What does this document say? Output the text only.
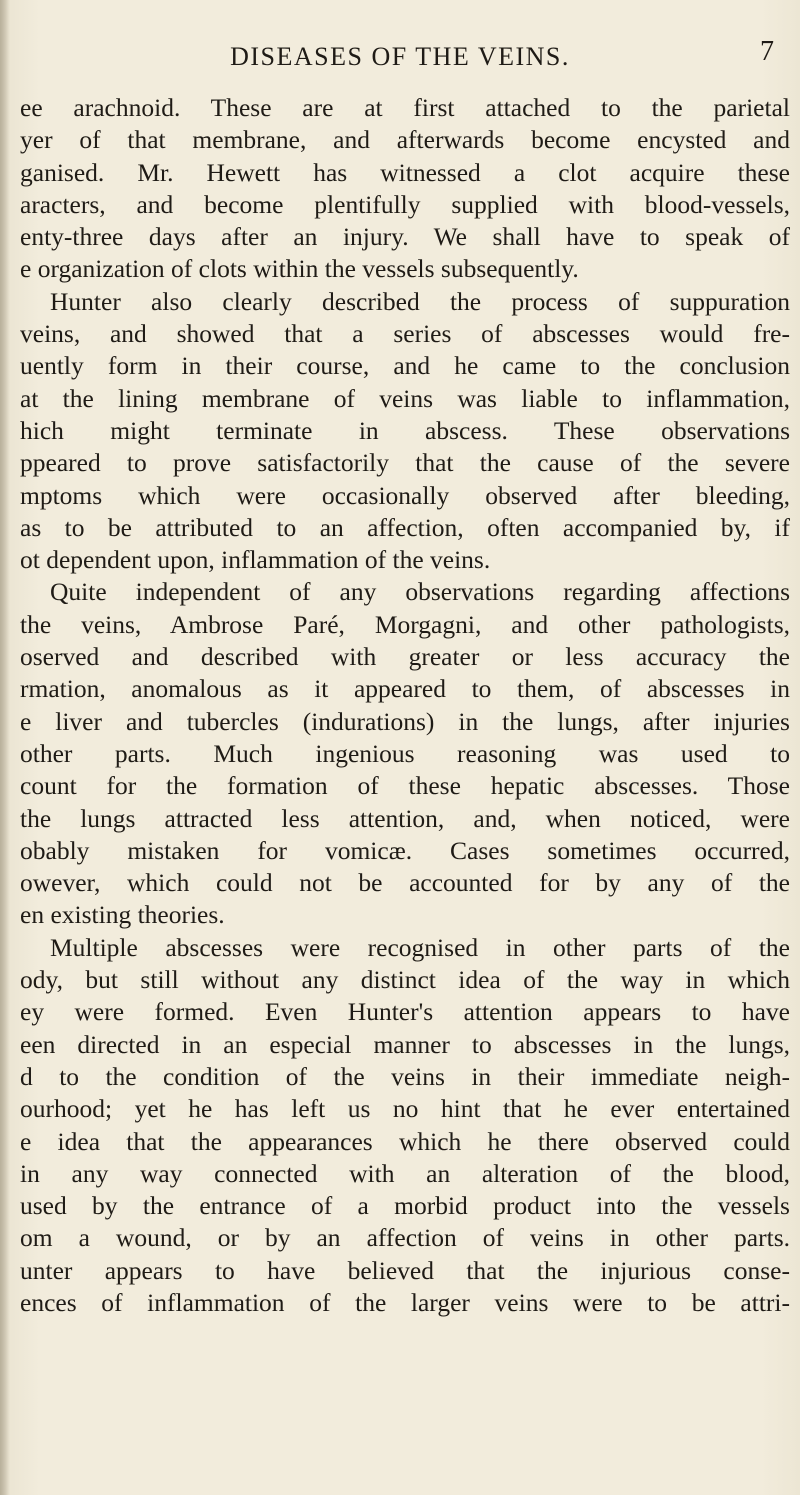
DISEASES OF THE VEINS.	7
ee arachnoid. These are at first attached to the parietal
yer of that membrane, and afterwards become encysted and
ganised. Mr. Hewett has witnessed a clot acquire these
aracters, and become plentifully supplied with blood-vessels,
enty-three days after an injury. We shall have to speak of
e organization of clots within the vessels subsequently.
Hunter also clearly described the process of suppuration
veins, and showed that a series of abscesses would fre-
uently form in their course, and he came to the conclusion
at the lining membrane of veins was liable to inflammation,
hich might terminate in abscess. These observations
ppeared to prove satisfactorily that the cause of the severe
mptoms which were occasionally observed after bleeding,
as to be attributed to an affection, often accompanied by, if
ot dependent upon, inflammation of the veins.
Quite independent of any observations regarding affections
the veins, Ambrose Paré, Morgagni, and other pathologists,
oserved and described with greater or less accuracy the
rmation, anomalous as it appeared to them, of abscesses in
e liver and tubercles (indurations) in the lungs, after injuries
other parts. Much ingenious reasoning was used to
count for the formation of these hepatic abscesses. Those
the lungs attracted less attention, and, when noticed, were
obably mistaken for vomicæ. Cases sometimes occurred,
owever, which could not be accounted for by any of the
en existing theories.
Multiple abscesses were recognised in other parts of the
ody, but still without any distinct idea of the way in which
ey were formed. Even Hunter's attention appears to have
een directed in an especial manner to abscesses in the lungs,
d to the condition of the veins in their immediate neigh-
ourhood; yet he has left us no hint that he ever entertained
e idea that the appearances which he there observed could
in any way connected with an alteration of the blood,
used by the entrance of a morbid product into the vessels
om a wound, or by an affection of veins in other parts.
unter appears to have believed that the injurious conse-
ences of inflammation of the larger veins were to be attri-
